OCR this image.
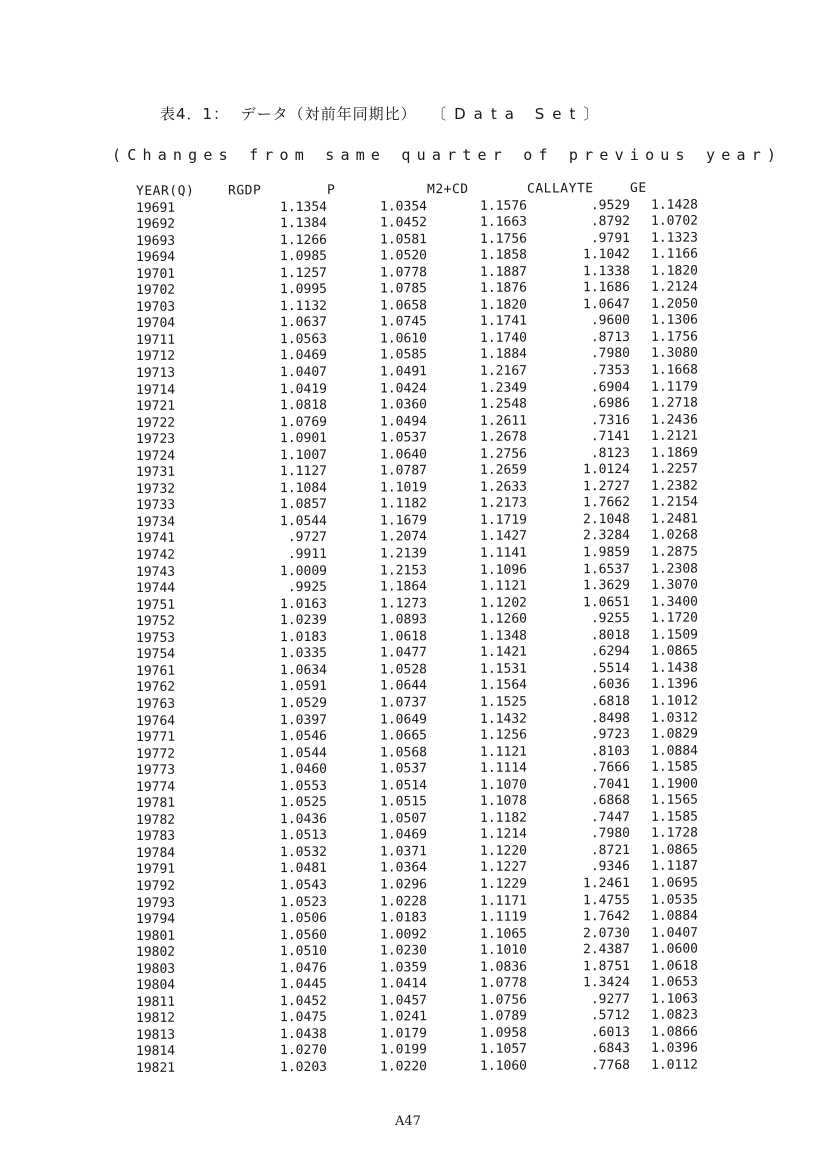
表4．1：  データ（対前年同期比） 〔Data Set〕
(Changes from same quarter of previous year)
YEAR(Q)	RGDP	P	M2+CD	CALLAYTE	GE
19691	1.1354	1.0354	1.1576	.9529	1.1428
19692	1.1384	1.0452	1.1663	.8792	1.0702
19693	1.1266	1.0581	1.1756	.9791	1.1323
19694	1.0985	1.0520	1.1858	1.1042	1.1166
19701	1.1257	1.0778	1.1887	1.1338	1.1820
19702	1.0995	1.0785	1.1876	1.1686	1.2124
19703	1.1132	1.0658	1.1820	1.0647	1.2050
19704	1.0637	1.0745	1.1741	.9600	1.1306
19711	1.0563	1.0610	1.1740	.8713	1.1756
19712	1.0469	1.0585	1.1884	.7980	1.3080
19713	1.0407	1.0491	1.2167	.7353	1.1668
19714	1.0419	1.0424	1.2349	.6904	1.1179
19721	1.0818	1.0360	1.2548	.6986	1.2718
19722	1.0769	1.0494	1.2611	.7316	1.2436
19723	1.0901	1.0537	1.2678	.7141	1.2121
19724	1.1007	1.0640	1.2756	.8123	1.1869
19731	1.1127	1.0787	1.2659	1.0124	1.2257
19732	1.1084	1.1019	1.2633	1.2727	1.2382
19733	1.0857	1.1182	1.2173	1.7662	1.2154
19734	1.0544	1.1679	1.1719	2.1048	1.2481
19741	.9727	1.2074	1.1427	2.3284	1.0268
19742	.9911	1.2139	1.1141	1.9859	1.2875
19743	1.0009	1.2153	1.1096	1.6537	1.2308
19744	.9925	1.1864	1.1121	1.3629	1.3070
19751	1.0163	1.1273	1.1202	1.0651	1.3400
19752	1.0239	1.0893	1.1260	.9255	1.1720
19753	1.0183	1.0618	1.1348	.8018	1.1509
19754	1.0335	1.0477	1.1421	.6294	1.0865
19761	1.0634	1.0528	1.1531	.5514	1.1438
19762	1.0591	1.0644	1.1564	.6036	1.1396
19763	1.0529	1.0737	1.1525	.6818	1.1012
19764	1.0397	1.0649	1.1432	.8498	1.0312
19771	1.0546	1.0665	1.1256	.9723	1.0829
19772	1.0544	1.0568	1.1121	.8103	1.0884
19773	1.0460	1.0537	1.1114	.7666	1.1585
19774	1.0553	1.0514	1.1070	.7041	1.1900
19781	1.0525	1.0515	1.1078	.6868	1.1565
19782	1.0436	1.0507	1.1182	.7447	1.1585
19783	1.0513	1.0469	1.1214	.7980	1.1728
19784	1.0532	1.0371	1.1220	.8721	1.0865
19791	1.0481	1.0364	1.1227	.9346	1.1187
19792	1.0543	1.0296	1.1229	1.2461	1.0695
19793	1.0523	1.0228	1.1171	1.4755	1.0535
19794	1.0506	1.0183	1.1119	1.7642	1.0884
19801	1.0560	1.0092	1.1065	2.0730	1.0407
19802	1.0510	1.0230	1.1010	2.4387	1.0600
19803	1.0476	1.0359	1.0836	1.8751	1.0618
19804	1.0445	1.0414	1.0778	1.3424	1.0653
19811	1.0452	1.0457	1.0756	.9277	1.1063
19812	1.0475	1.0241	1.0789	.5712	1.0823
19813	1.0438	1.0179	1.0958	.6013	1.0866
19814	1.0270	1.0199	1.1057	.6843	1.0396
19821	1.0203	1.0220	1.1060	.7768	1.0112
A47
